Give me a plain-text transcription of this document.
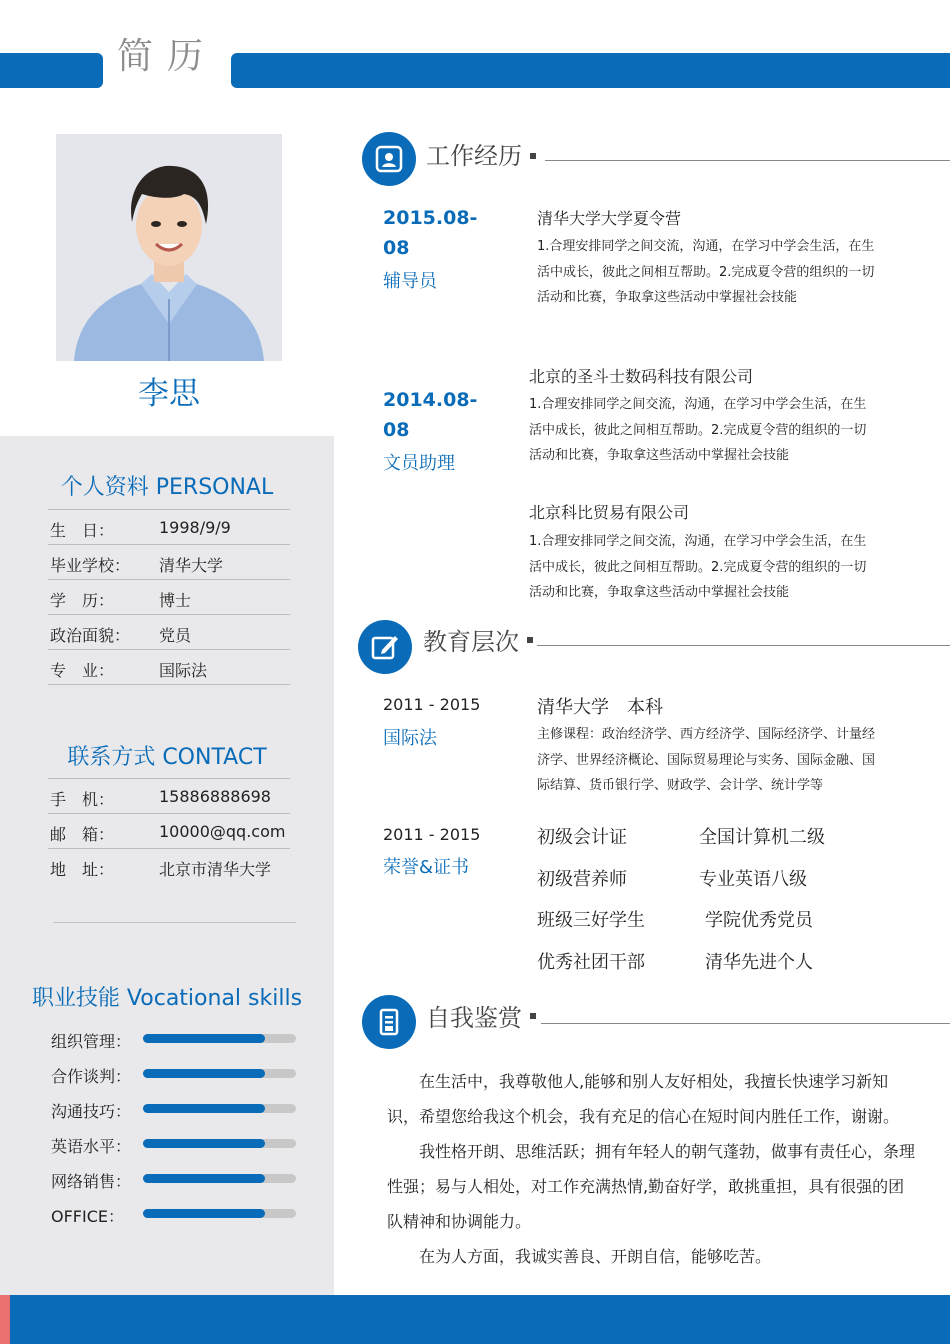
简历
李思
个人资料 PERSONAL
生　日：	1998/9/9
毕业学校： 清华大学
学　历：	博士
政治面貌： 党员
专　业：	国际法
联系方式 CONTACT
手　机：	15886888698
邮　箱：	10000@qq.com
地　址：	北京市清华大学
职业技能 Vocational skills
组织管理：
合作谈判：
沟通技巧：
英语水平：
网络销售：
OFFICE：
工作经历
2015.08-
08
辅导员
清华大学大学夏令营
1.合理安排同学之间交流，沟通，在学习中学会生活，在生
活中成长，彼此之间相互帮助。2.完成夏令营的组织的一切
活动和比赛，争取拿这些活动中掌握社会技能
2014.08-
08
文员助理
北京的圣斗士数码科技有限公司
1.合理安排同学之间交流，沟通，在学习中学会生活，在生
活中成长，彼此之间相互帮助。2.完成夏令营的组织的一切
活动和比赛，争取拿这些活动中掌握社会技能
北京科比贸易有限公司
1.合理安排同学之间交流，沟通，在学习中学会生活，在生
活中成长，彼此之间相互帮助。2.完成夏令营的组织的一切
活动和比赛，争取拿这些活动中掌握社会技能
教育层次
2011 - 2015
国际法
清华大学　本科
主修课程：政治经济学、西方经济学、国际经济学、计量经
济学、世界经济概论、国际贸易理论与实务、国际金融、国
际结算、货币银行学、财政学、会计学、统计学等
2011 - 2015
荣誉&证书
初级会计证	全国计算机二级
初级营养师	专业英语八级
班级三好学生	学院优秀党员
优秀社团干部	清华先进个人
自我鉴赏
在生活中，我尊敬他人,能够和别人友好相处，我擅长快速学习新知识，希望您给我这个机会，我有充足的信心在短时间内胜任工作，谢谢。
我性格开朗、思维活跃；拥有年轻人的朝气蓬勃，做事有责任心，条理性强；易与人相处，对工作充满热情,勤奋好学，敢挑重担，具有很强的团队精神和协调能力。
在为人方面，我诚实善良、开朗自信，能够吃苦。
